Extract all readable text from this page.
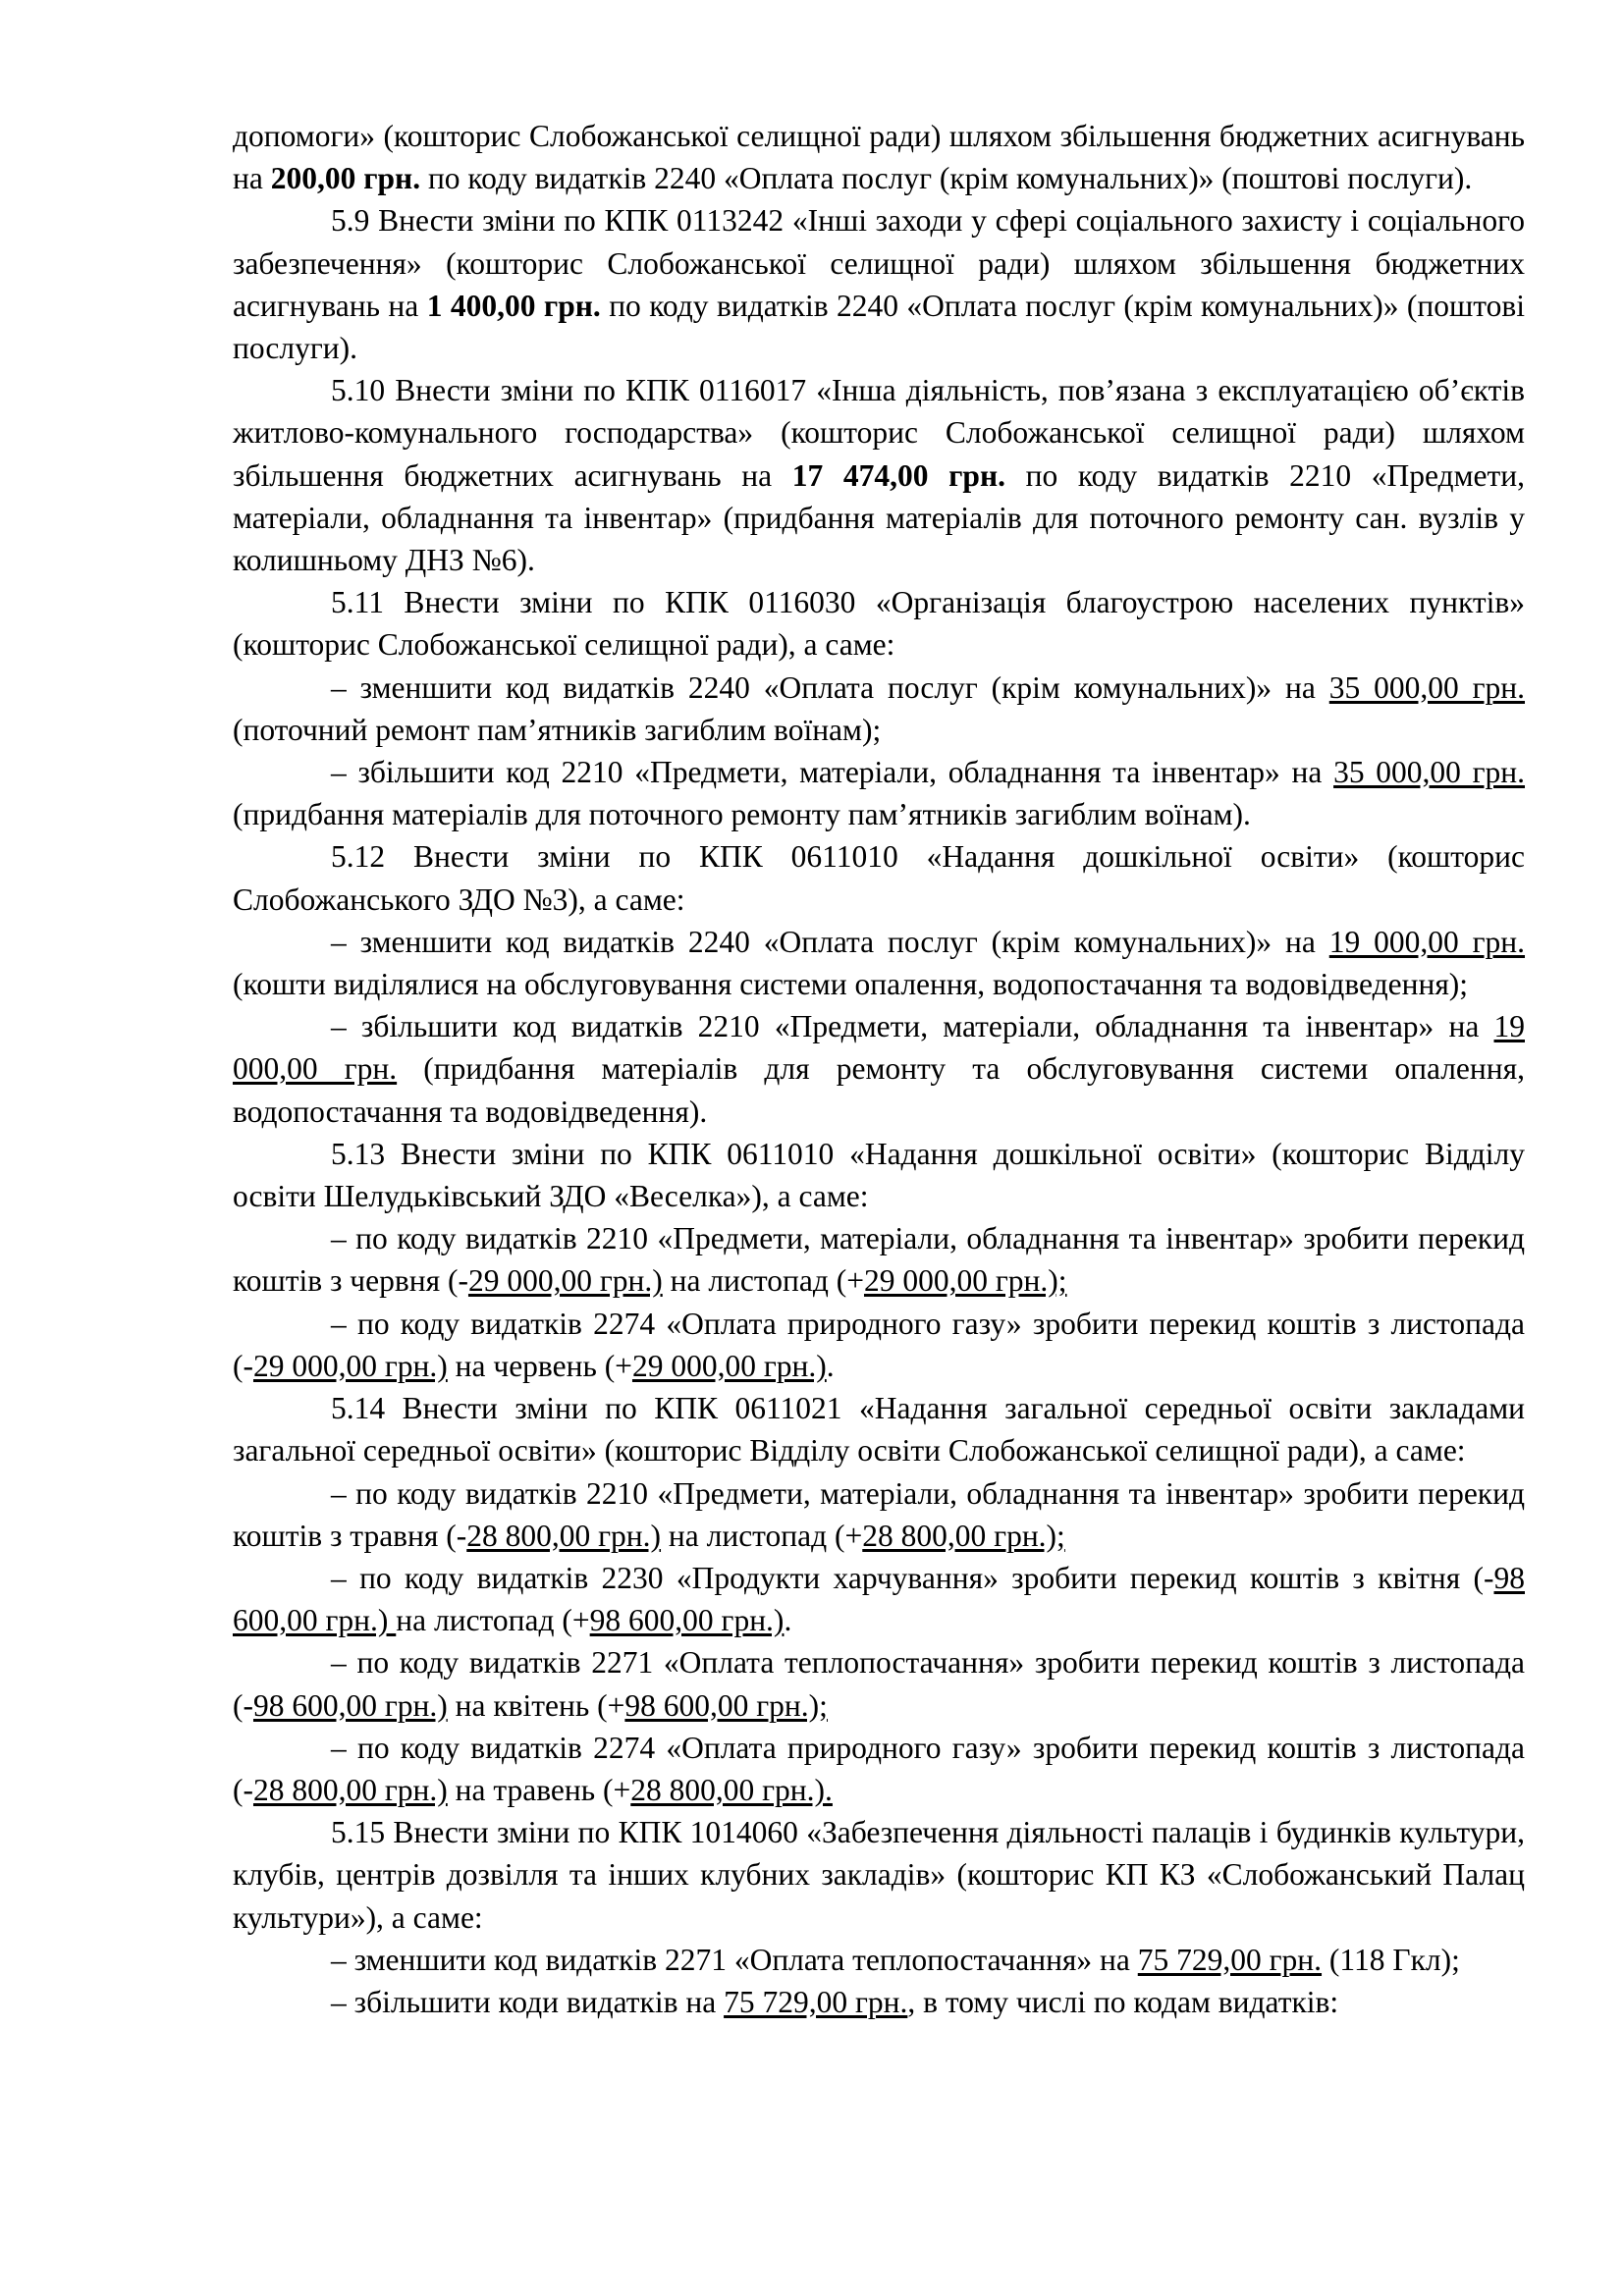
допомоги» (кошторис Слобожанської селищної ради) шляхом збільшення бюджетних асигнувань на 200,00 грн. по коду видатків 2240 «Оплата послуг (крім комунальних)» (поштові послуги).

5.9 Внести зміни по КПК 0113242 «Інші заходи у сфері соціального захисту і соціального забезпечення» (кошторис Слобожанської селищної ради) шляхом збільшення бюджетних асигнувань на 1 400,00 грн. по коду видатків 2240 «Оплата послуг (крім комунальних)» (поштові послуги).

5.10 Внести зміни по КПК 0116017 «Інша діяльність, пов’язана з експлуатацією об’єктів житлово-комунального господарства» (кошторис Слобожанської селищної ради) шляхом збільшення бюджетних асигнувань на 17 474,00 грн. по коду видатків 2210 «Предмети, матеріали, обладнання та інвентар» (придбання матеріалів для поточного ремонту сан. вузлів у колишньому ДНЗ №6).

5.11 Внести зміни по КПК 0116030 «Організація благоустрою населених пунктів» (кошторис Слобожанської селищної ради), а саме:

– зменшити код видатків 2240 «Оплата послуг (крім комунальних)» на 35 000,00 грн. (поточний ремонт пам’ятників загиблим воїнам);

– збільшити код 2210 «Предмети, матеріали, обладнання та інвентар» на 35 000,00 грн. (придбання матеріалів для поточного ремонту пам’ятників загиблим воїнам).

5.12 Внести зміни по КПК 0611010 «Надання дошкільної освіти» (кошторис Слобожанського ЗДО №3), а саме:

– зменшити код видатків 2240 «Оплата послуг (крім комунальних)» на 19 000,00 грн. (кошти виділялися на обслуговування системи опалення, водопостачання та водовідведення);

– збільшити код видатків 2210 «Предмети, матеріали, обладнання та інвентар» на 19 000,00 грн. (придбання матеріалів для ремонту та обслуговування системи опалення, водопостачання та водовідведення).

5.13 Внести зміни по КПК 0611010 «Надання дошкільної освіти» (кошторис Відділу освіти Шелудьківський ЗДО «Веселка»), а саме:

– по коду видатків 2210 «Предмети, матеріали, обладнання та інвентар» зробити перекид коштів з червня (-29 000,00 грн.) на листопад (+29 000,00 грн.);

– по коду видатків 2274 «Оплата природного газу» зробити перекид коштів з листопада (-29 000,00 грн.) на червень (+29 000,00 грн.).

5.14 Внести зміни по КПК 0611021 «Надання загальної середньої освіти закладами загальної середньої освіти» (кошторис Відділу освіти Слобожанської селищної ради), а саме:

– по коду видатків 2210 «Предмети, матеріали, обладнання та інвентар» зробити перекид коштів з травня (-28 800,00 грн.) на листопад (+28 800,00 грн.);

– по коду видатків 2230 «Продукти харчування» зробити перекид коштів з квітня (-98 600,00 грн.) на листопад (+98 600,00 грн.).

– по коду видатків 2271 «Оплата теплопостачання» зробити перекид коштів з листопада (-98 600,00 грн.) на квітень (+98 600,00 грн.);

– по коду видатків 2274 «Оплата природного газу» зробити перекид коштів з листопада (-28 800,00 грн.) на травень (+28 800,00 грн.).

5.15 Внести зміни по КПК 1014060 «Забезпечення діяльності палаців і будинків культури, клубів, центрів дозвілля та інших клубних закладів» (кошторис КП КЗ «Слобожанський Палац культури»), а саме:

– зменшити код видатків 2271 «Оплата теплопостачання» на 75 729,00 грн. (118 Гкл);

– збільшити коди видатків на 75 729,00 грн., в тому числі по кодам видатків:
